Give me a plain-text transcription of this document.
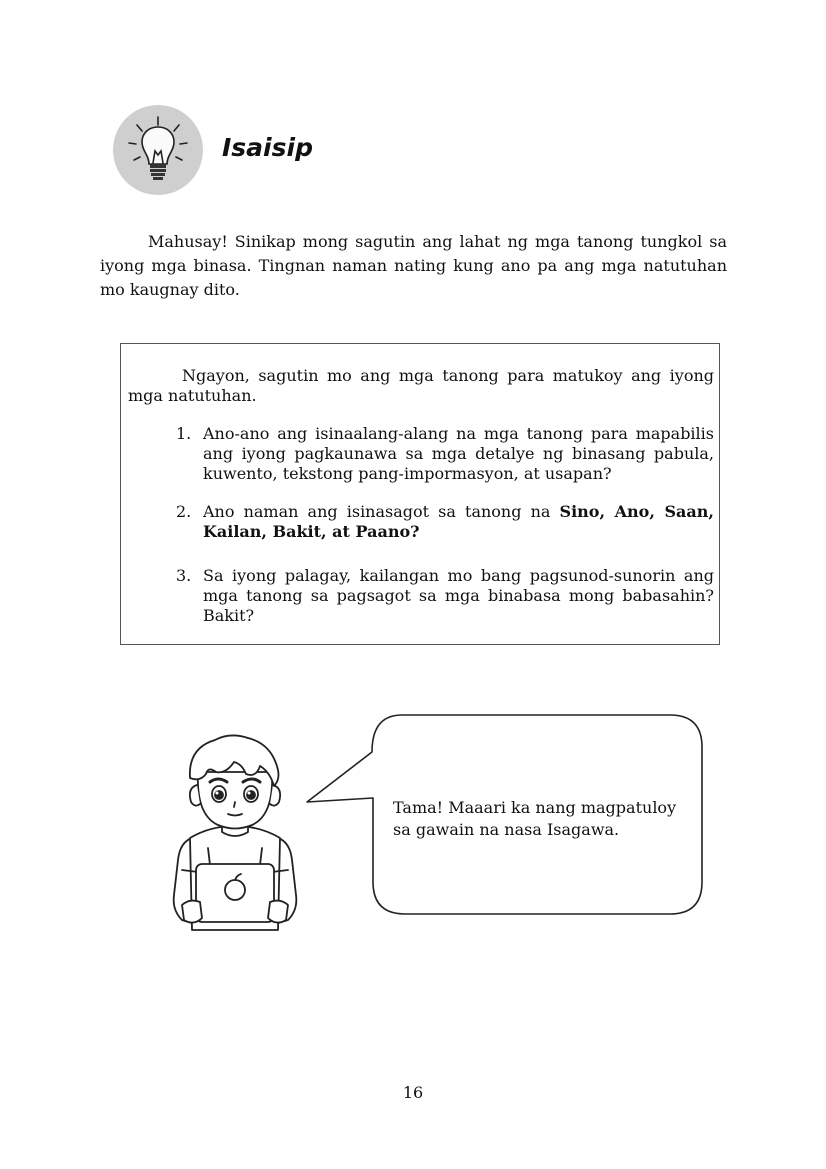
Isaisip

Mahusay! Sinikap mong sagutin ang lahat ng mga tanong tungkol sa iyong mga binasa. Tingnan naman nating kung ano pa ang mga natutuhan mo kaugnay dito.

Ngayon, sagutin mo ang mga tanong para matukoy ang iyong mga natutuhan.

1. Ano-ano ang isinaalang-alang na mga tanong para mapabilis ang iyong pagkaunawa sa mga detalye ng binasang pabula, kuwento, tekstong pang-impormasyon, at usapan?
2. Ano naman ang isinasagot sa tanong na Sino, Ano, Saan, Kailan, Bakit, at Paano?
3. Sa iyong palagay, kailangan mo bang pagsunod-sunorin ang mga tanong sa pagsagot sa mga binabasa mong babasahin? Bakit?

Tama! Maaari ka nang magpatuloy sa gawain na nasa Isagawa.

16
